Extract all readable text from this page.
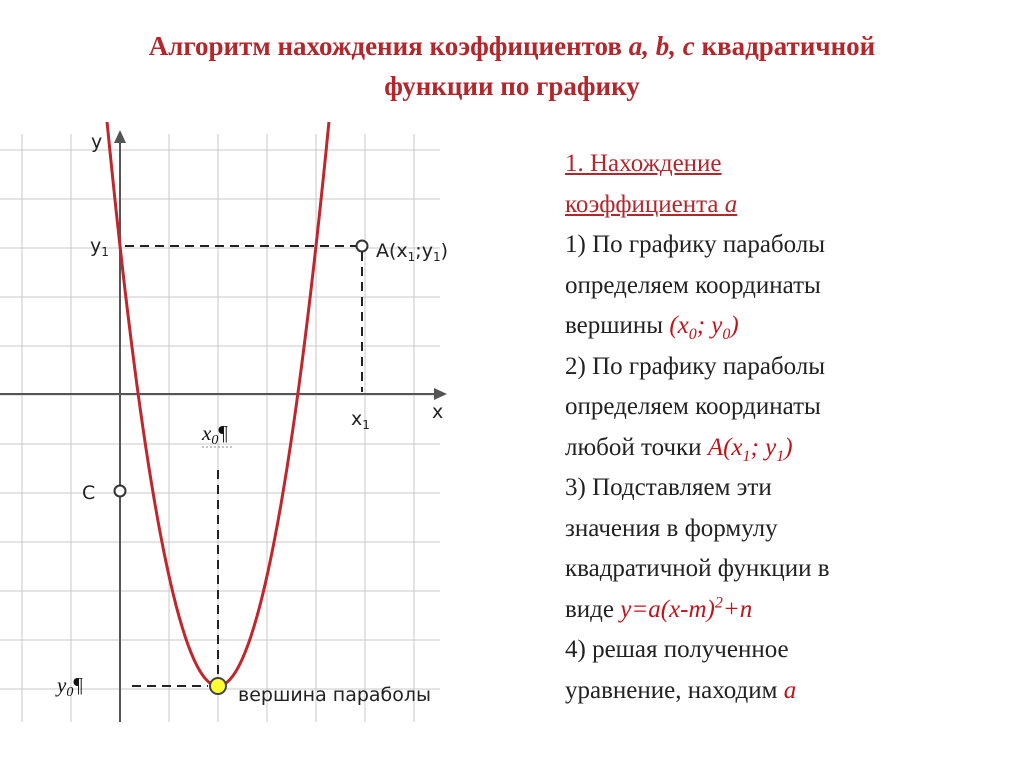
Алгоритм нахождения коэффициентов a, b, c квадратичной
функции по графику
y
x
$y_1$
$x_1$
$A(x_1;y_1)$
C
x0¶
y0¶	вершина параболы
1. Нахождение
коэффициента a
1) По графику параболы
определяем координаты
вершины ($x_0$; $y_0$)
2) По графику параболы
определяем координаты
любой точки $A(x_1$; $y_1$)
3) Подставляем эти
значения в формулу
квадратичной функции в
виде $y=a(x-m)^2+n$
4) решая полученное
уравнение, находим a
